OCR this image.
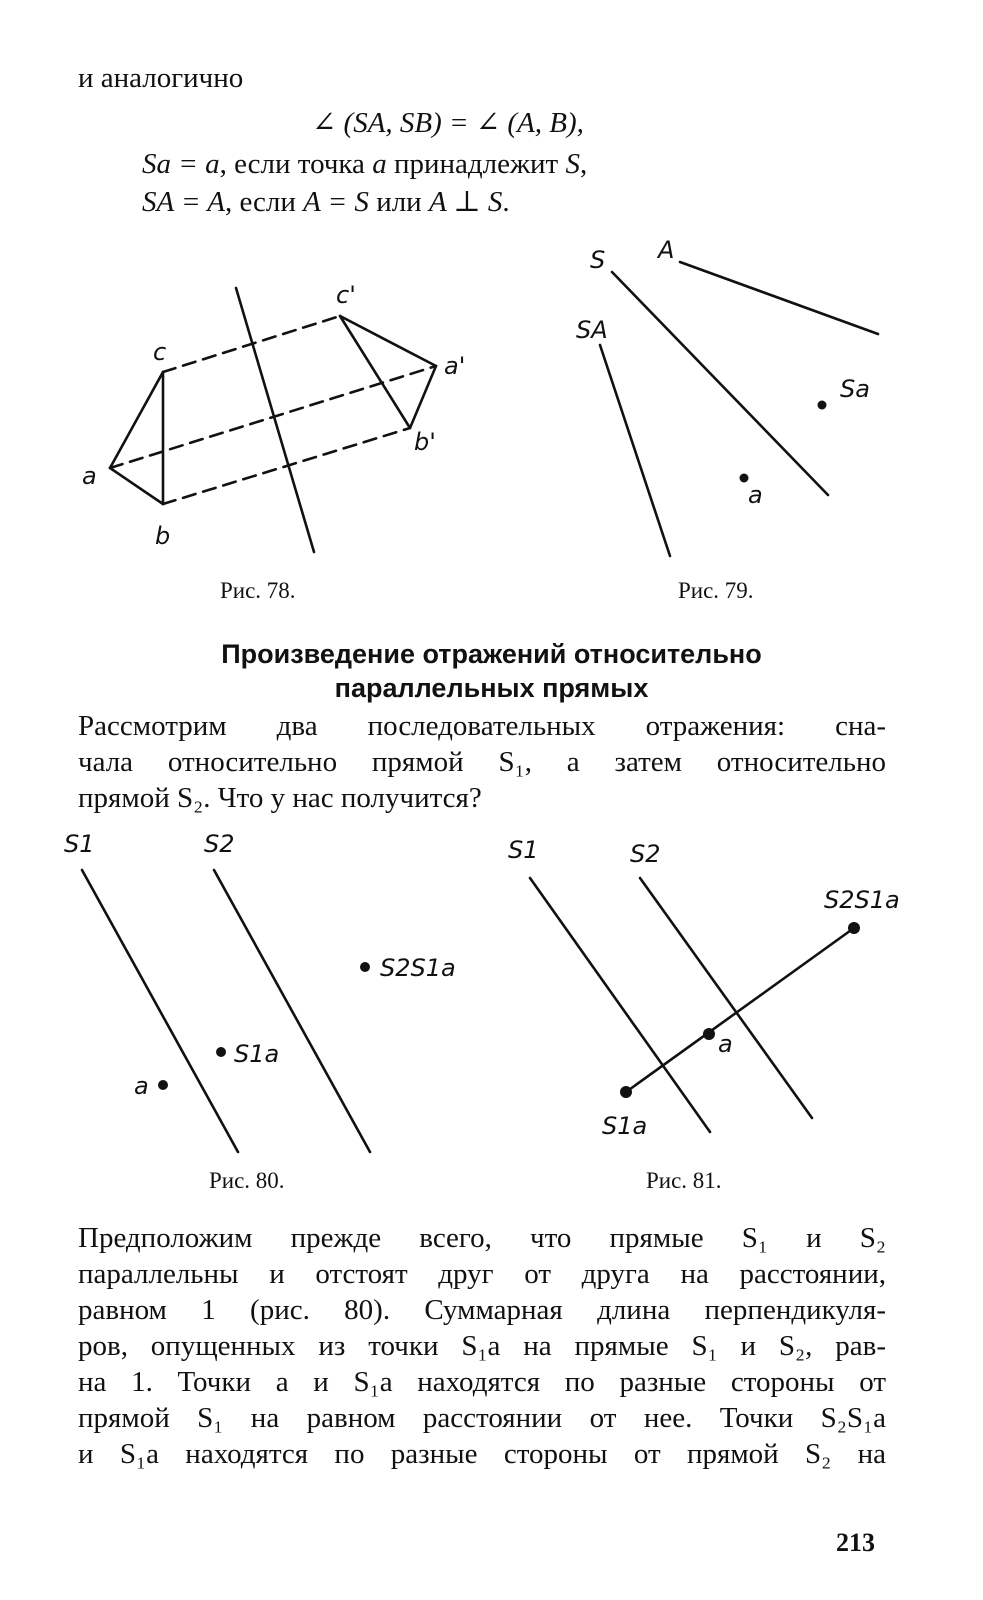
и аналогично
∠ (SA, SB) = ∠ (A, B),
Sa = a, если точка a принадлежит S,
SA = A, если A = S или A ⊥ S.
c'
c	a'
b'
a
b
S A
SA
Sa
a
S1	S2
S2S1a
S1a
a
S1	S2
S2S1a
a
S1a
Рис. 78.	Рис. 79.
Произведение отражений относительно
параллельных прямых
Рассмотрим два последовательных отражения: сна-
чала относительно прямой S₁, а затем относительно
прямой S₂. Что у нас получится?
Рис. 80.	Рис. 81.
Предположим прежде всего, что прямые S₁ и S₂
параллельны и отстоят друг от друга на расстоянии,
равном 1 (рис. 80). Суммарная длина перпендикуля-
ров, опущенных из точки S₁a на прямые S₁ и S₂, рав-
на 1. Точки a и S₁a находятся по разные стороны от
прямой S₁ на равном расстоянии от нее. Точки S₂S₁a
и S₁a находятся по разные стороны от прямой S₂ на
213
